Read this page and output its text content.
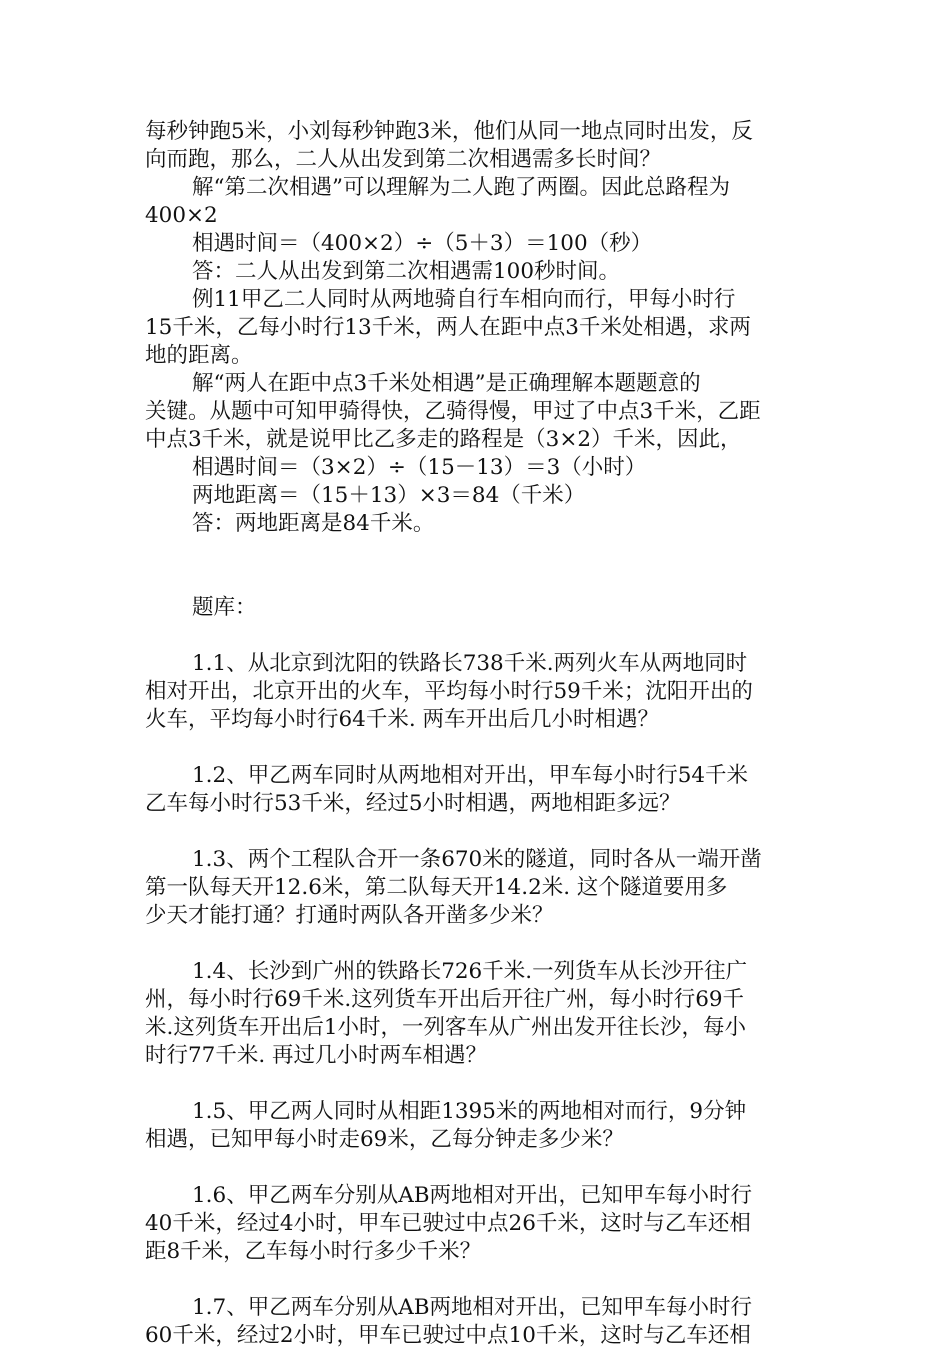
每秒钟跑5米，小刘每秒钟跑3米，他们从同一地点同时出发，反
向而跑，那么，二人从出发到第二次相遇需多长时间？
解“第二次相遇”可以理解为二人跑了两圈。因此总路程为
400×2
相遇时间＝（400×2）÷（5＋3）＝100（秒）
答：二人从出发到第二次相遇需100秒时间。
例11甲乙二人同时从两地骑自行车相向而行，甲每小时行
15千米，乙每小时行13千米，两人在距中点3千米处相遇，求两
地的距离。
解“两人在距中点3千米处相遇”是正确理解本题题意的
关键。从题中可知甲骑得快，乙骑得慢，甲过了中点3千米，乙距
中点3千米，就是说甲比乙多走的路程是（3×2）千米，因此，
相遇时间＝（3×2）÷（15－13）＝3（小时）
两地距离＝（15＋13）×3＝84（千米）
答：两地距离是84千米。
题库：
1.1、从北京到沈阳的铁路长738千米.两列火车从两地同时
相对开出，北京开出的火车，平均每小时行59千米；沈阳开出的
火车，平均每小时行64千米. 两车开出后几小时相遇？
1.2、甲乙两车同时从两地相对开出，甲车每小时行54千米
乙车每小时行53千米，经过5小时相遇，两地相距多远？
1.3、两个工程队合开一条670米的隧道，同时各从一端开凿
第一队每天开12.6米，第二队每天开14.2米. 这个隧道要用多
少天才能打通？打通时两队各开凿多少米？
1.4、长沙到广州的铁路长726千米.一列货车从长沙开往广
州，每小时行69千米.这列货车开出后开往广州，每小时行69千
米.这列货车开出后1小时，一列客车从广州出发开往长沙，每小
时行77千米. 再过几小时两车相遇？
1.5、甲乙两人同时从相距1395米的两地相对而行，9分钟
相遇，已知甲每小时走69米，乙每分钟走多少米？
1.6、甲乙两车分别从AB两地相对开出，已知甲车每小时行
40千米，经过4小时，甲车已驶过中点26千米，这时与乙车还相
距8千米，乙车每小时行多少千米？
1.7、甲乙两车分别从AB两地相对开出，已知甲车每小时行
60千米，经过2小时，甲车已驶过中点10千米，这时与乙车还相
